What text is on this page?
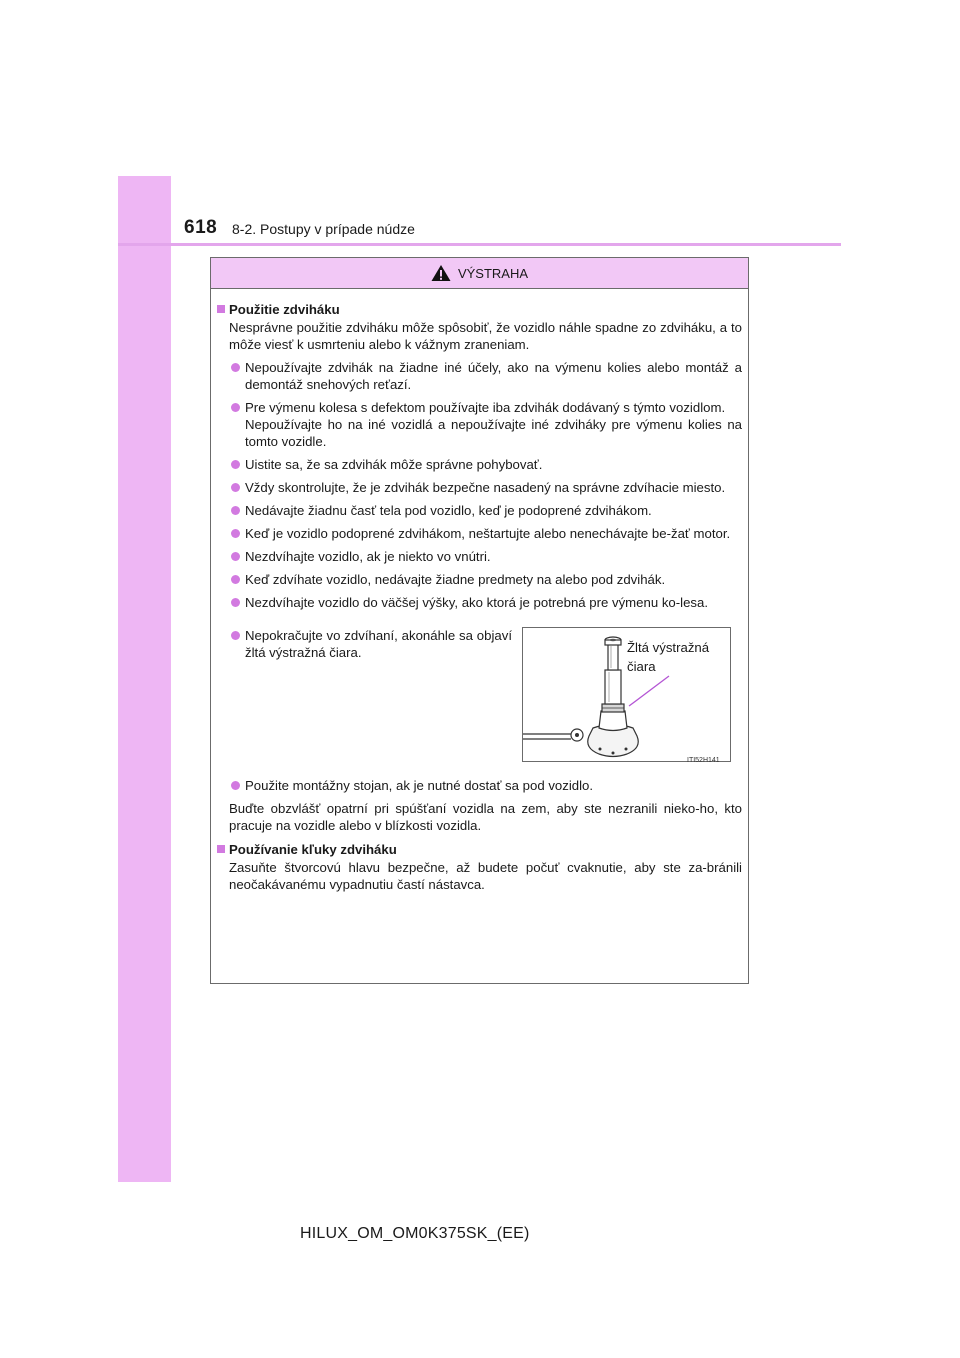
618 8-2. Postupy v prípade núdze
VÝSTRAHA
Použitie zdviháku
Nesprávne použitie zdviháku môže spôsobiť, že vozidlo náhle spadne zo zdviháku, a to môže viesť k usmrteniu alebo k vážnym zraneniam.
Nepoužívajte zdvihák na žiadne iné účely, ako na výmenu kolies alebo montáž a demontáž snehových reťazí.
Pre výmenu kolesa s defektom používajte iba zdvihák dodávaný s týmto vozidlom.
Nepoužívajte ho na iné vozidlá a nepoužívajte iné zdviháky pre výmenu kolies na tomto vozidle.
Uistite sa, že sa zdvihák môže správne pohybovať.
Vždy skontrolujte, že je zdvihák bezpečne nasadený na správne zdvíhacie miesto.
Nedávajte žiadnu časť tela pod vozidlo, keď je podoprené zdvihákom.
Keď je vozidlo podoprené zdvihákom, neštartujte alebo nenechávajte be-žať motor.
Nezdvíhajte vozidlo, ak je niekto vo vnútri.
Keď zdvíhate vozidlo, nedávajte žiadne predmety na alebo pod zdvihák.
Nezdvíhajte vozidlo do väčšej výšky, ako ktorá je potrebná pre výmenu ko-lesa.
Nepokračujte vo zdvíhaní, akonáhle sa objaví žltá výstražná čiara.	Žltá výstražná
čiara
ITI52H141
Použite montážny stojan, ak je nutné dostať sa pod vozidlo.
Buďte obzvlášť opatrní pri spúšťaní vozidla na zem, aby ste nezranili nieko-ho, kto pracuje na vozidle alebo v blízkosti vozidla.
Používanie kľuky zdviháku
Zasuňte štvorcovú hlavu bezpečne, až budete počuť cvaknutie, aby ste za-bránili neočakávanému vypadnutiu častí nástavca.
HILUX_OM_OM0K375SK_(EE)
